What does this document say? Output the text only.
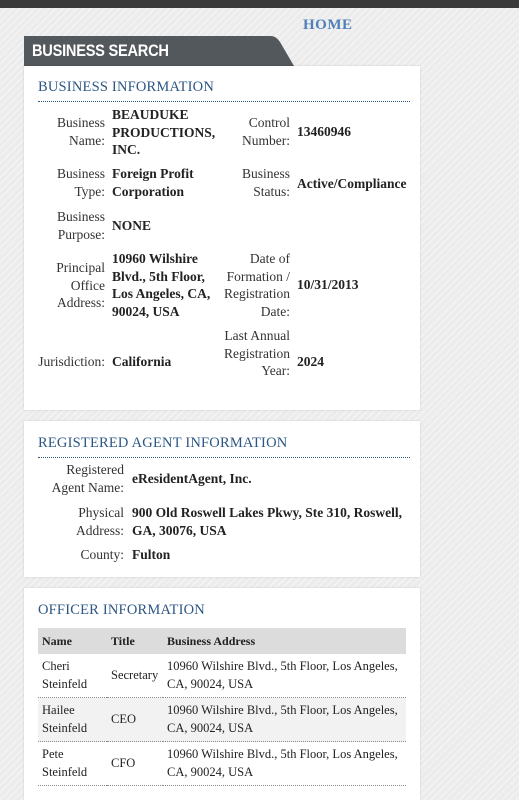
HOME
BUSINESS SEARCH
BUSINESS INFORMATION
Business Name:
BEAUDUKE PRODUCTIONS, INC.
Control Number:
13460946
Business Type:
Foreign Profit Corporation
Business Status: Active/Compliance
Business Purpose:
NONE
Principal Office Address:
10960 Wilshire Blvd., 5th Floor, Los Angeles, CA, 90024, USA
Date of Formation / Registration Date:
10/31/2013
Jurisdiction: California
Last Annual Registration Year:
2024
REGISTERED AGENT INFORMATION
Registered Agent Name:
eResidentAgent, Inc.
Physical Address:
900 Old Roswell Lakes Pkwy, Ste 310, Roswell, GA, 30076, USA
County: Fulton
OFFICER INFORMATION
Name	Title	Business Address
Cheri Steinfeld	Secretary	10960 Wilshire Blvd., 5th Floor, Los Angeles, CA, 90024, USA
Hailee Steinfeld	CEO	10960 Wilshire Blvd., 5th Floor, Los Angeles, CA, 90024, USA
Pete Steinfeld	CFO	10960 Wilshire Blvd., 5th Floor, Los Angeles, CA, 90024, USA
